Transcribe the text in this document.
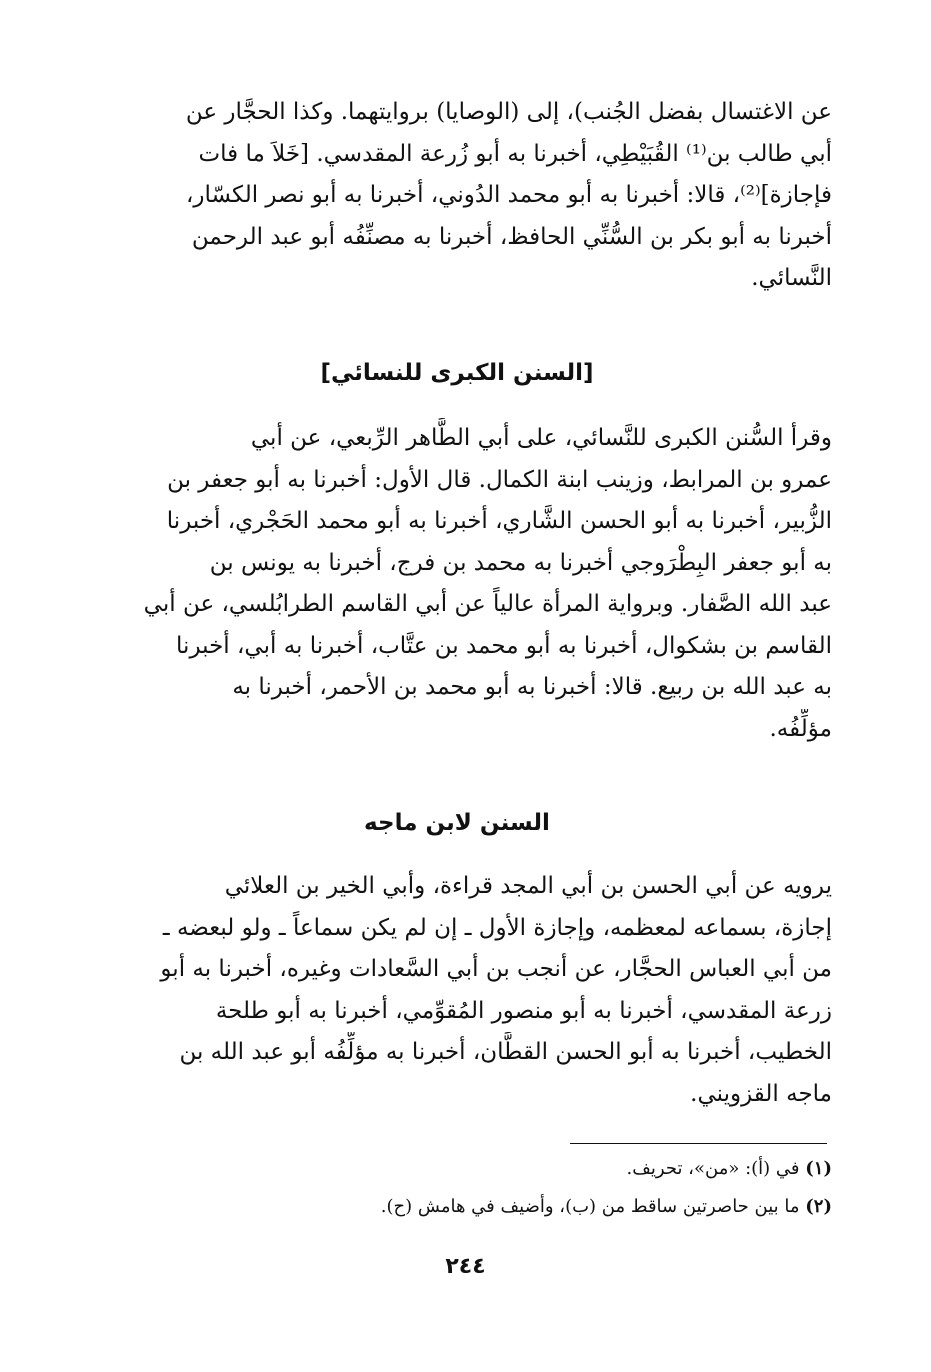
عن الاغتسال بفضل الجُنب)، إلى (الوصايا) بروايتهما. وكذا الحجَّار عن
أبي طالب بن⁽¹⁾ القُبَيْطِي، أخبرنا به أبو زُرعة المقدسي. [خَلاَ ما فات
فإجازة]⁽²⁾، قالا: أخبرنا به أبو محمد الدُوني، أخبرنا به أبو نصر الكسّار،
أخبرنا به أبو بكر بن السُّنِّي الحافظ، أخبرنا به مصنِّفُه أبو عبد الرحمن
النَّسائي.
[السنن الكبرى للنسائي]
وقرأ السُّنن الكبرى للنَّسائي، على أبي الطَّاهر الرِّبعي، عن أبي
عمرو بن المرابط، وزينب ابنة الكمال. قال الأول: أخبرنا به أبو جعفر بن
الزُّبير، أخبرنا به أبو الحسن الشَّاري، أخبرنا به أبو محمد الحَجْري، أخبرنا
به أبو جعفر البِطْرَوجي أخبرنا به محمد بن فرج، أخبرنا به يونس بن
عبد الله الصَّفار. وبرواية المرأة عالياً عن أبي القاسم الطرابُلسي، عن أبي
القاسم بن بشكوال، أخبرنا به أبو محمد بن عتَّاب، أخبرنا به أبي، أخبرنا
به عبد الله بن ربيع. قالا: أخبرنا به أبو محمد بن الأحمر، أخبرنا به
مؤلِّفُه.
السنن لابن ماجه
يرويه عن أبي الحسن بن أبي المجد قراءة، وأبي الخير بن العلائي
إجازة، بسماعه لمعظمه، وإجازة الأول ـ إن لم يكن سماعاً ـ ولو لبعضه ـ
من أبي العباس الحجَّار، عن أنجب بن أبي السَّعادات وغيره، أخبرنا به أبو
زرعة المقدسي، أخبرنا به أبو منصور المُقوِّمي، أخبرنا به أبو طلحة
الخطيب، أخبرنا به أبو الحسن القطَّان، أخبرنا به مؤلِّفُه أبو عبد الله بن
ماجه القزويني.

(١) في (أ): «من»، تحريف.

(٢) ما بين حاصرتين ساقط من (ب)، وأضيف في هامش (ح).

٢٤٤
